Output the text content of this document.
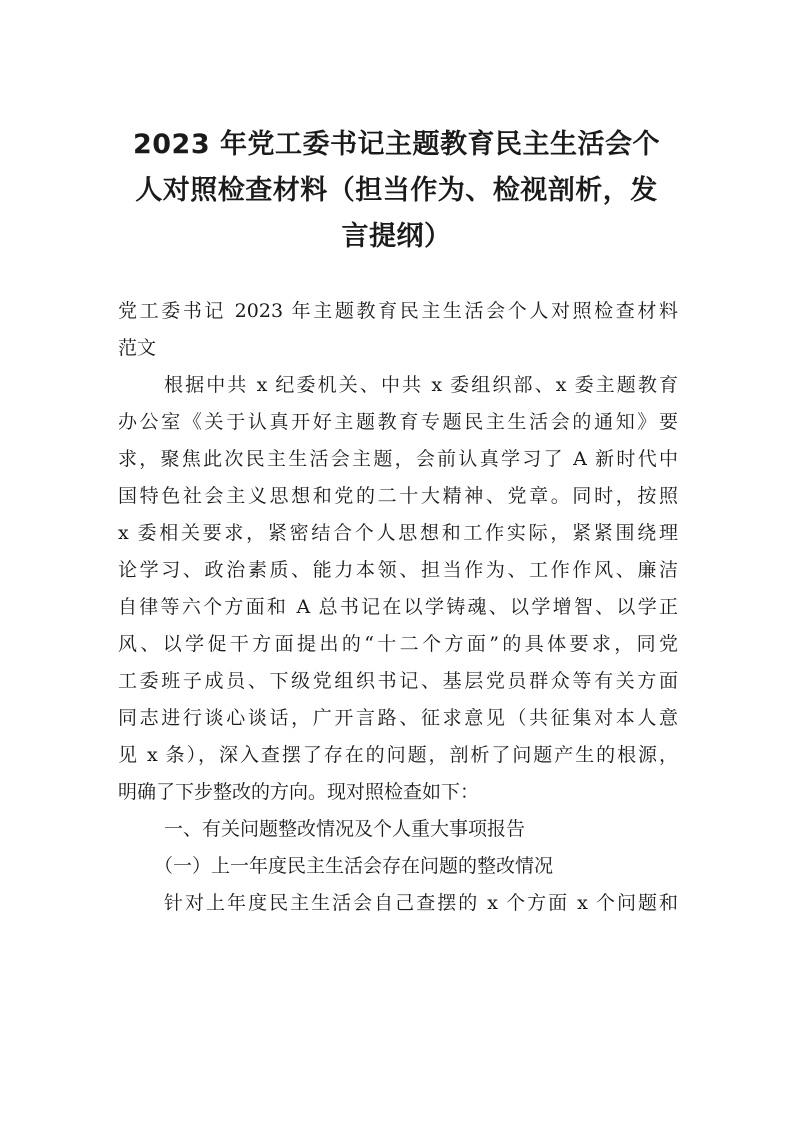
2023 年党工委书记主题教育民主生活会个
人对照检查材料（担当作为、检视剖析，发
言提纲）
党工委书记 2023 年主题教育民主生活会个人对照检查材料
范文
根据中共 x 纪委机关、中共 x 委组织部、x 委主题教育
办公室《关于认真开好主题教育专题民主生活会的通知》要
求，聚焦此次民主生活会主题，会前认真学习了 A 新时代中
国特色社会主义思想和党的二十大精神、党章。同时，按照
x 委相关要求，紧密结合个人思想和工作实际，紧紧围绕理
论学习、政治素质、能力本领、担当作为、工作作风、廉洁
自律等六个方面和 A 总书记在以学铸魂、以学增智、以学正
风、以学促干方面提出的“十二个方面”的具体要求，同党
工委班子成员、下级党组织书记、基层党员群众等有关方面
同志进行谈心谈话，广开言路、征求意见（共征集对本人意
见 x 条），深入查摆了存在的问题，剖析了问题产生的根源，
明确了下步整改的方向。现对照检查如下：
一、有关问题整改情况及个人重大事项报告
（一）上一年度民主生活会存在问题的整改情况
针对上年度民主生活会自己查摆的 x 个方面 x 个问题和
